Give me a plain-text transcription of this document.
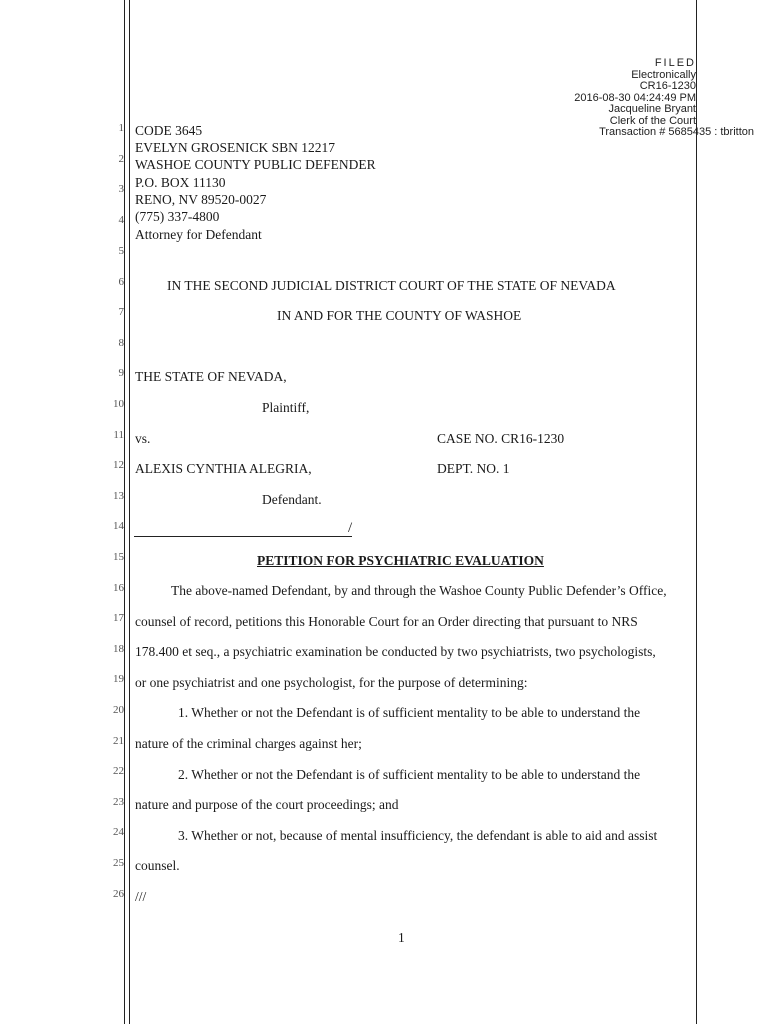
FILED
Electronically
CR16-1230
2016-08-30 04:24:49 PM
Jacqueline Bryant
Clerk of the Court
Transaction # 5685435 : tbritton
1
2
3
4
5
6
7
8
9
10
11
12
13
14
15
16
17
18
19
20
21
22
23
24
25
26
CODE 3645
EVELYN GROSENICK SBN 12217
WASHOE COUNTY PUBLIC DEFENDER
P.O. BOX 11130
RENO, NV 89520-0027
(775) 337-4800
Attorney for Defendant
IN THE SECOND JUDICIAL DISTRICT COURT OF THE STATE OF NEVADA
IN AND FOR THE COUNTY OF WASHOE
THE STATE OF NEVADA,
Plaintiff,
vs.	CASE NO. CR16-1230
ALEXIS CYNTHIA ALEGRIA,	DEPT. NO. 1
Defendant.
/
PETITION FOR PSYCHIATRIC EVALUATION
The above-named Defendant, by and through the Washoe County Public Defender’s Office,
counsel of record, petitions this Honorable Court for an Order directing that pursuant to NRS
178.400 et seq., a psychiatric examination be conducted by two psychiatrists, two psychologists,
or one psychiatrist and one psychologist, for the purpose of determining:
1. Whether or not the Defendant is of sufficient mentality to be able to understand the
nature of the criminal charges against her;
2. Whether or not the Defendant is of sufficient mentality to be able to understand the
nature and purpose of the court proceedings; and
3. Whether or not, because of mental insufficiency, the defendant is able to aid and assist
counsel.
///
1
